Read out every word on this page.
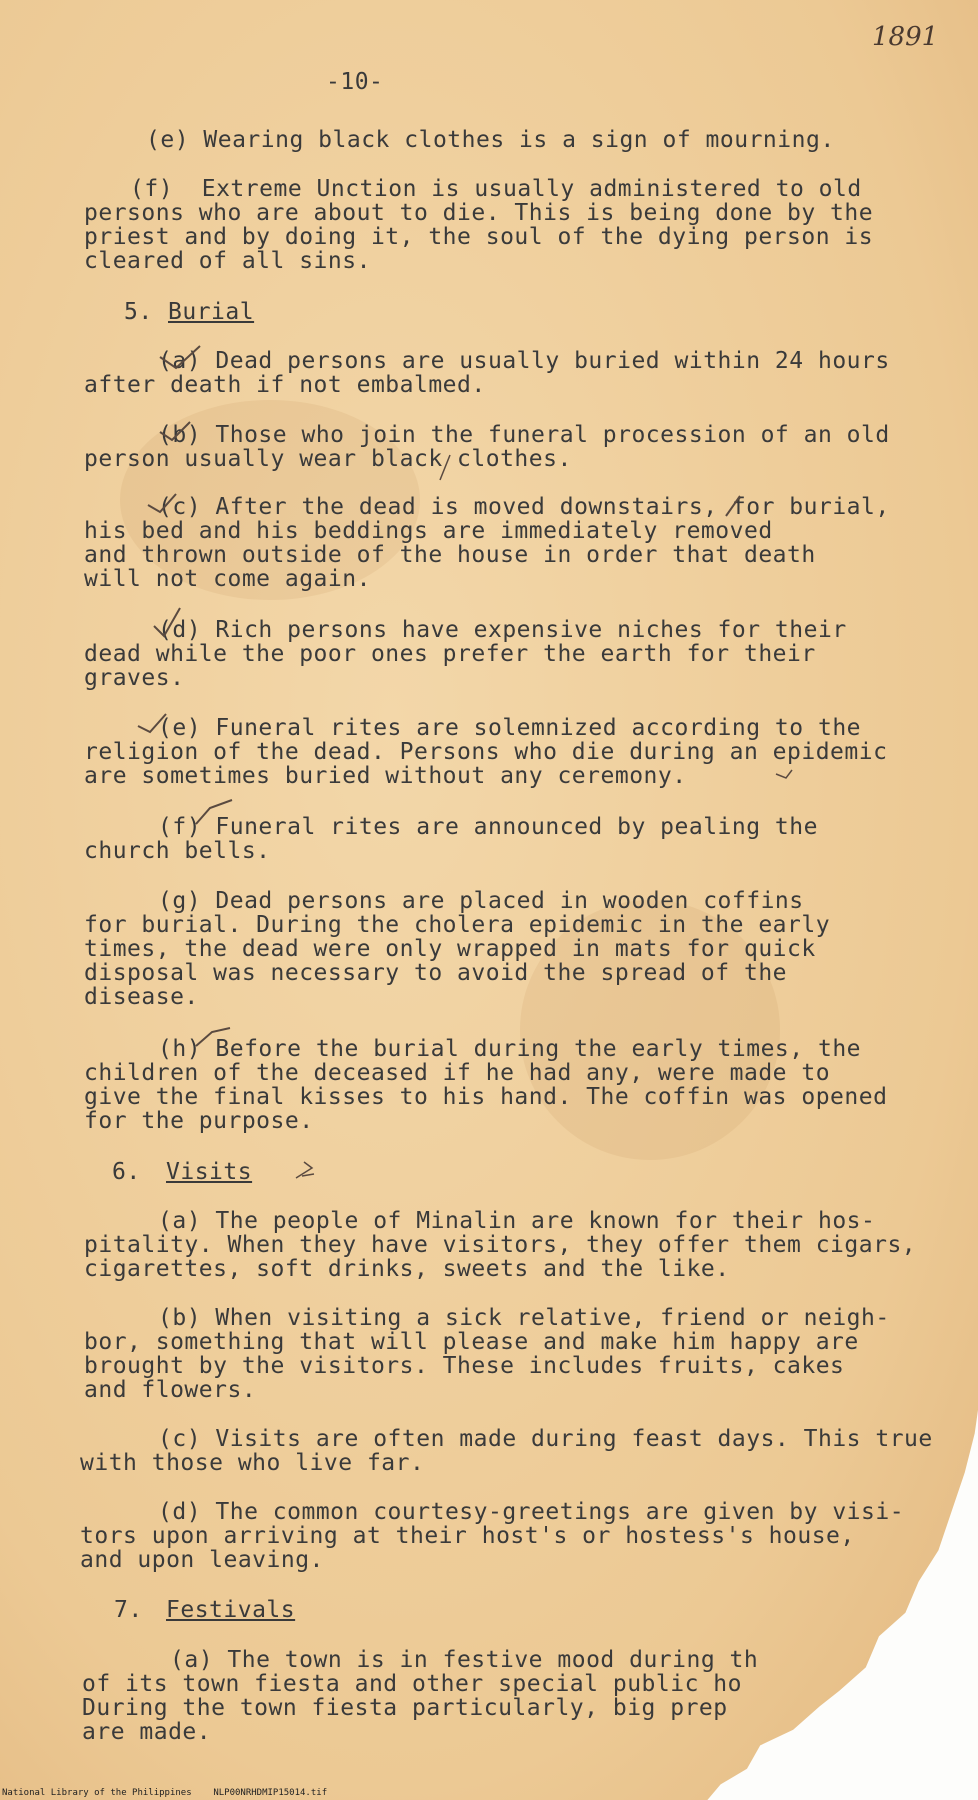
1891
-10-
(e) Wearing black clothes is a sign of mourning.
(f)  Extreme Unction is usually administered to old
persons who are about to die. This is being done by the
priest and by doing it, the soul of the dying person is
cleared of all sins.
5. Burial
(a) Dead persons are usually buried within 24 hours
after death if not embalmed.
(b) Those who join the funeral procession of an old
person usually wear black clothes.
(c) After the dead is moved downstairs, for burial,
his bed and his beddings are immediately removed
and thrown outside of the house in order that death
will not come again.
(d) Rich persons have expensive niches for their
dead while the poor ones prefer the earth for their
graves.
(e) Funeral rites are solemnized according to the
religion of the dead. Persons who die during an epidemic
are sometimes buried without any ceremony.
(f) Funeral rites are announced by pealing the
church bells.
(g) Dead persons are placed in wooden coffins
for burial. During the cholera epidemic in the early
times, the dead were only wrapped in mats for quick
disposal was necessary to avoid the spread of the
disease.
(h) Before the burial during the early times, the
children of the deceased if he had any, were made to
give the final kisses to his hand. The coffin was opened
for the purpose.
6. Visits
(a) The people of Minalin are known for their hos-
pitality. When they have visitors, they offer them cigars,
cigarettes, soft drinks, sweets and the like.
(b) When visiting a sick relative, friend or neigh-
bor, something that will please and make him happy are
brought by the visitors. These includes fruits, cakes
and flowers.
(c) Visits are often made during feast days. This true
with those who live far.
(d) The common courtesy-greetings are given by visi-
tors upon arriving at their host's or hostess's house,
and upon leaving.
7. Festivals
(a) The town is in festive mood during th
of its town fiesta and other special public ho
During the town fiesta particularly, big prep
are made.
National Library of the Philippines    NLP00NRHDMIP15014.tif
